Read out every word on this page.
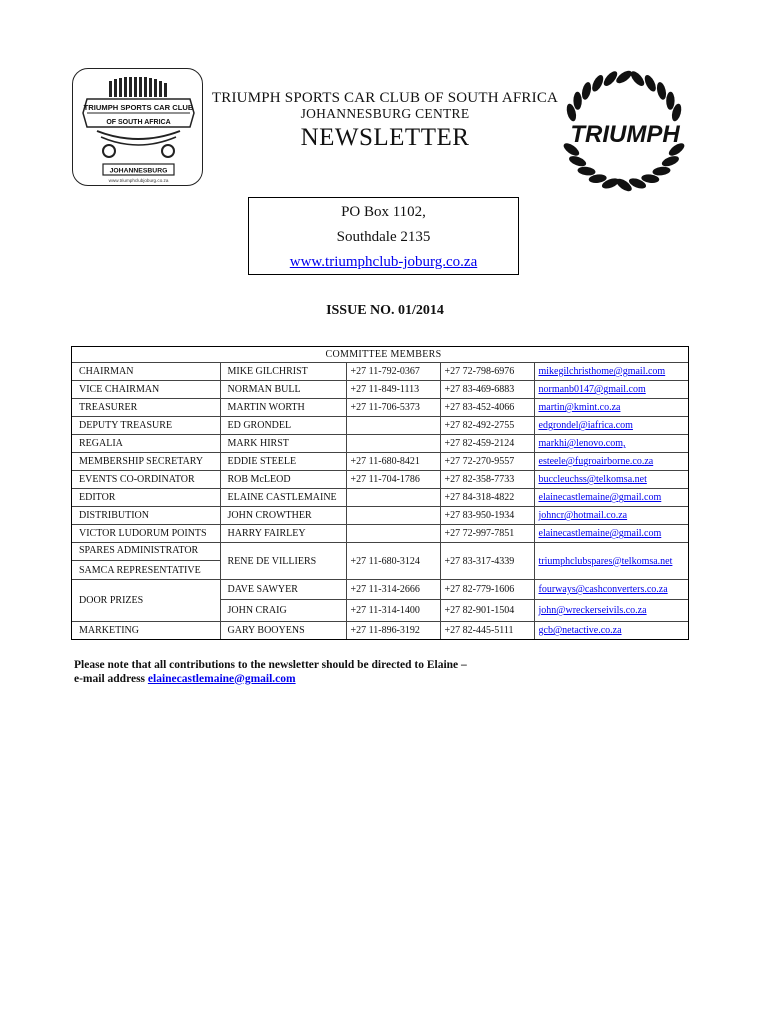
TRIUMPH SPORTS CAR CLUB
OF SOUTH AFRICA
JOHANNESBURG
www.triumphclubjoburg.co.za
TRIUMPH SPORTS CAR CLUB OF SOUTH AFRICA
JOHANNESBURG CENTRE
NEWSLETTER	TRIUMPH
PO Box 1102,
Southdale 2135
www.triumphclub-joburg.co.za
ISSUE NO. 01/2014
COMMITTEE MEMBERS				
CHAIRMAN	MIKE GILCHRIST	+27 11-792-0367	+27 72-798-6976	mikegilchristhome@gmail.com
VICE CHAIRMAN	NORMAN BULL	+27 11-849-1113	+27 83-469-6883	normanb0147@gmail.com
TREASURER	MARTIN WORTH	+27 11-706-5373	+27 83-452-4066	martin@kmint.co.za
DEPUTY TREASURE	ED GRONDEL		+27 82-492-2755	edgrondel@iafrica.com
REGALIA	MARK HIRST		+27 82-459-2124	markhi@lenovo.com,
MEMBERSHIP SECRETARY	EDDIE STEELE	+27 11-680-8421	+27 72-270-9557	esteele@fugroairborne.co.za
EVENTS CO-ORDINATOR	ROB McLEOD	+27 11-704-1786	+27 82-358-7733	buccleuchss@telkomsa.net
EDITOR	ELAINE CASTLEMAINE		+27 84-318-4822	elainecastlemaine@gmail.com
DISTRIBUTION	JOHN CROWTHER		+27 83-950-1934	johncr@hotmail.co.za
VICTOR LUDORUM POINTS	HARRY FAIRLEY		+27 72-997-7851	elainecastlemaine@gmail.com

SPARES ADMINISTRATOR
SAMCA REPRESENTATIVE	RENE DE VILLIERS	+27 11-680-3124	+27 83-317-4339	triumphclubspares@telkomsa.net
DOOR PRIZES	DAVE SAWYER	+27 11-314-2666	+27 82-779-1606	fourways@cashconverters.co.za
	JOHN CRAIG	+27 11-314-1400	+27 82-901-1504	john@wreckerseivils.co.za
MARKETING	GARY BOOYENS	+27 11-896-3192	+27 82-445-5111	gcb@netactive.co.za
Please note that all contributions to the newsletter should be directed to Elaine –
e-mail address elainecastlemaine@gmail.com
